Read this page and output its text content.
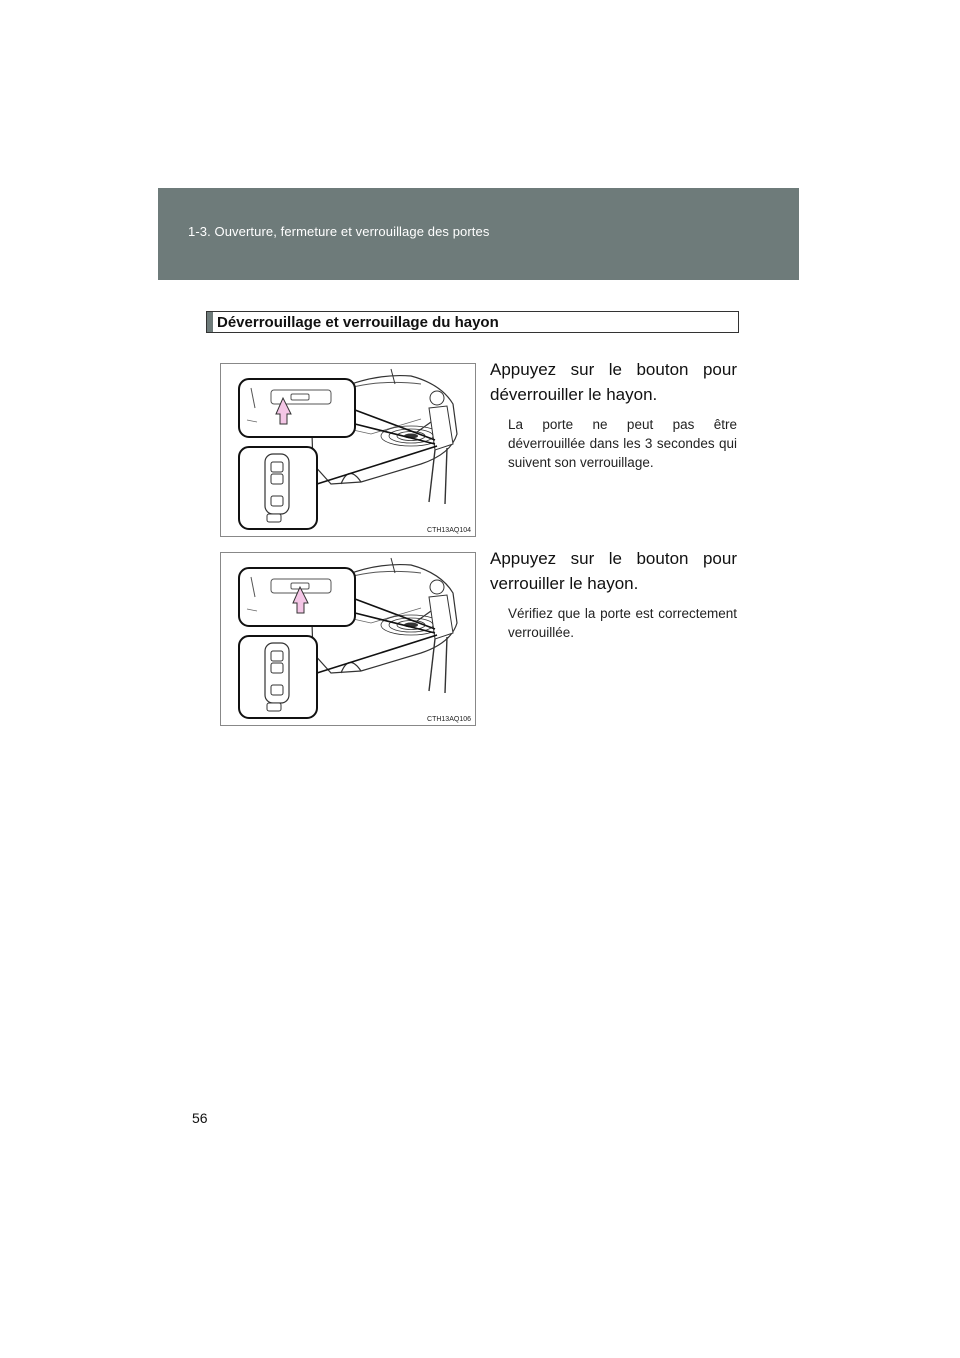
1-3. Ouverture, fermeture et verrouillage des portes
Déverrouillage et verrouillage du hayon
CTH13AQ104
Appuyez sur le bouton pour déverrouiller le hayon.
La porte ne peut pas être déverrouillée dans les 3 secondes qui suivent son verrouillage.
CTH13AQ106
Appuyez sur le bouton pour verrouiller le hayon.
Vérifiez que la porte est correctement verrouillée.
56
